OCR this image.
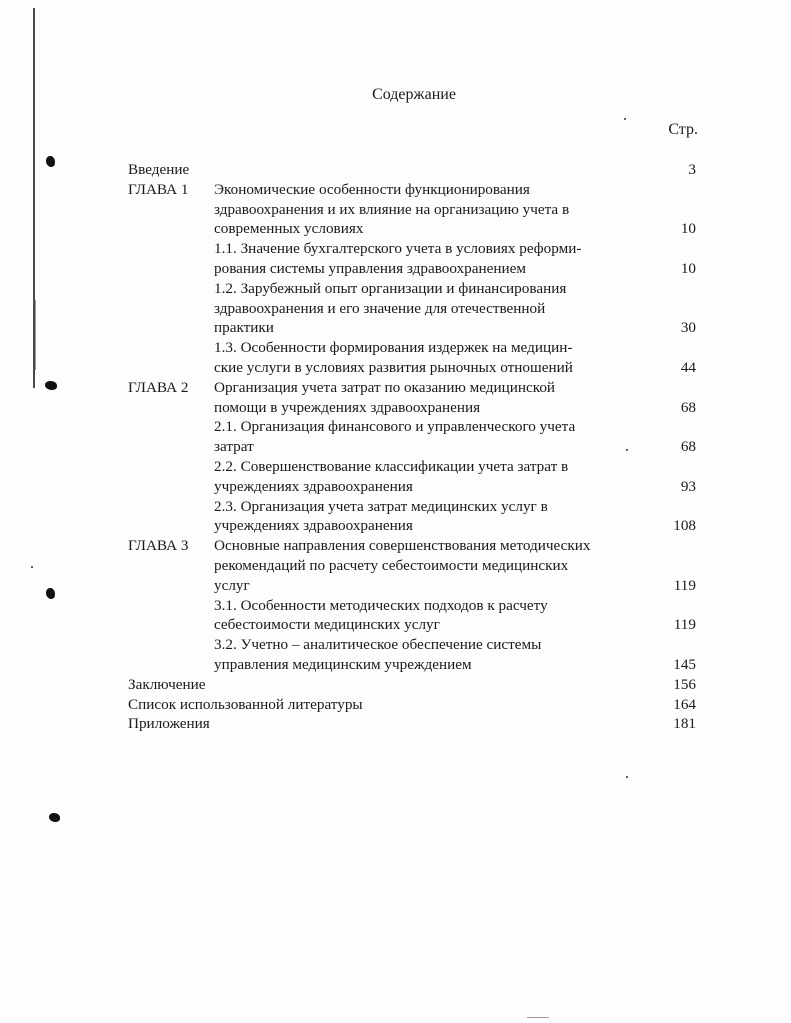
Содержание
Стр.
Введение	3
ГЛАВА 1	Экономические особенности функционирования
здравоохранения и их влияние на организацию учета в
современных условиях	10
1.1. Значение бухгалтерского учета в условиях реформи-
рования системы управления здравоохранением	10
1.2. Зарубежный опыт организации и финансирования
здравоохранения и его значение для отечественной
практики	30
1.3. Особенности формирования издержек на медицин-
ские услуги в условиях развития рыночных отношений	44
ГЛАВА 2	Организация учета затрат по оказанию медицинской
помощи в учреждениях здравоохранения	68
2.1. Организация финансового и управленческого учета
затрат	68
2.2. Совершенствование классификации учета затрат в
учреждениях здравоохранения	93
2.3. Организация учета затрат медицинских услуг в
учреждениях здравоохранения	108
ГЛАВА 3	Основные направления совершенствования методических
рекомендаций по расчету себестоимости медицинских
услуг	119
3.1. Особенности методических подходов к расчету
себестоимости медицинских услуг	119
3.2. Учетно – аналитическое обеспечение системы
управления медицинским учреждением	145
Заключение	156
Список использованной литературы	164
Приложения	181
